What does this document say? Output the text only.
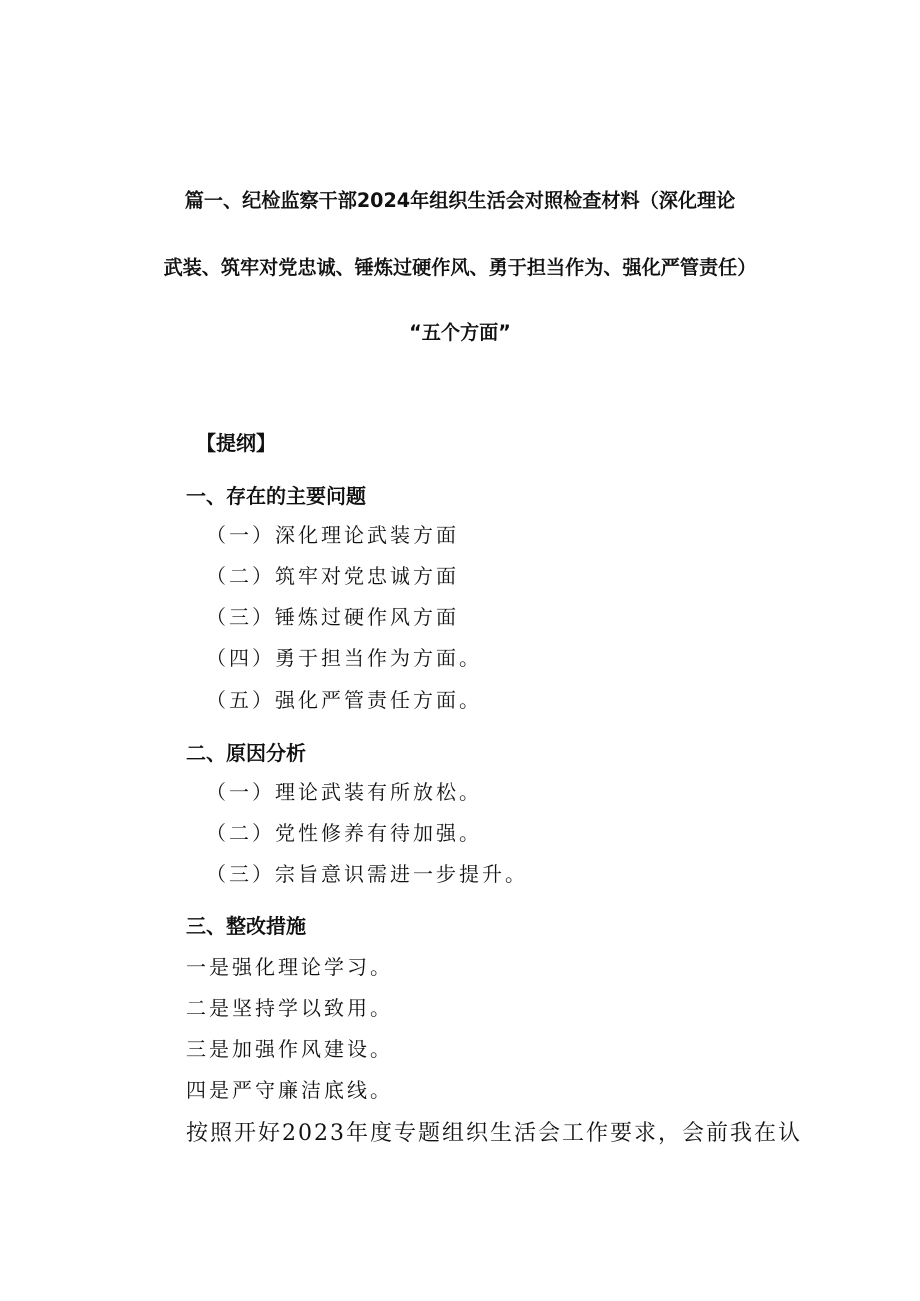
篇一、纪检监察干部2024年组织生活会对照检查材料（深化理论
武装、筑牢对党忠诚、锤炼过硬作风、勇于担当作为、强化严管责任）
“五个方面”
【提纲】
一、存在的主要问题
（一）深化理论武装方面
（二）筑牢对党忠诚方面
（三）锤炼过硬作风方面
（四）勇于担当作为方面。
（五）强化严管责任方面。
二、原因分析
（一）理论武装有所放松。
（二）党性修养有待加强。
（三）宗旨意识需进一步提升。
三、整改措施
一是强化理论学习。
二是坚持学以致用。
三是加强作风建设。
四是严守廉洁底线。
按照开好2023年度专题组织生活会工作要求，会前我在认
